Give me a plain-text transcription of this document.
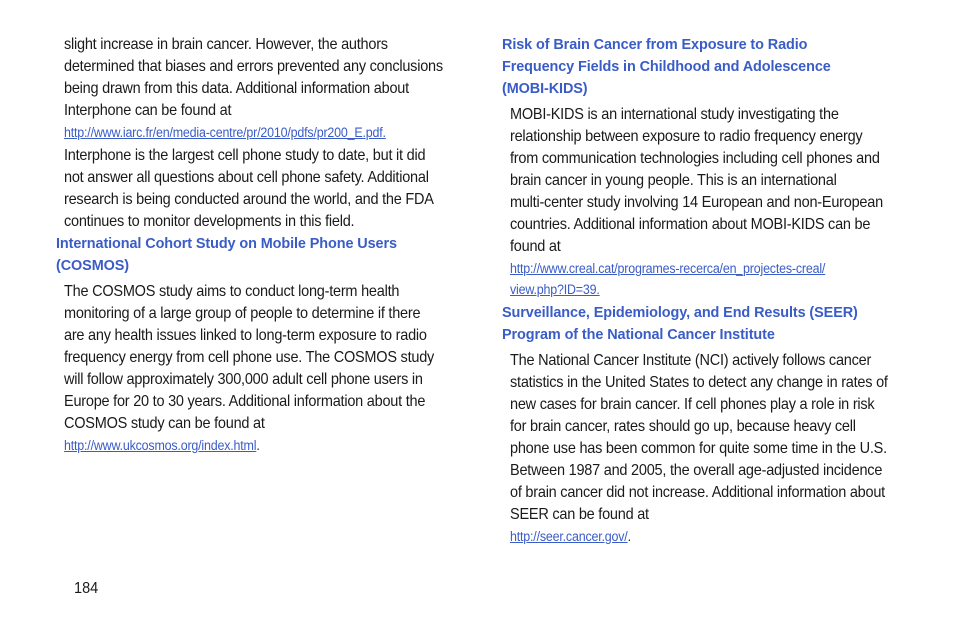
slight increase in brain cancer. However, the authors
determined that biases and errors prevented any conclusions
being drawn from this data. Additional information about
Interphone can be found at
http://www.iarc.fr/en/media-centre/pr/2010/pdfs/pr200_E.pdf.
Interphone is the largest cell phone study to date, but it did
not answer all questions about cell phone safety. Additional
research is being conducted around the world, and the FDA
continues to monitor developments in this field.
International Cohort Study on Mobile Phone Users
(COSMOS)
The COSMOS study aims to conduct long-term health
monitoring of a large group of people to determine if there
are any health issues linked to long-term exposure to radio
frequency energy from cell phone use. The COSMOS study
will follow approximately 300,000 adult cell phone users in
Europe for 20 to 30 years. Additional information about the
COSMOS study can be found at
http://www.ukcosmos.org/index.html.
Risk of Brain Cancer from Exposure to Radio
Frequency Fields in Childhood and Adolescence
(MOBI-KIDS)
MOBI-KIDS is an international study investigating the
relationship between exposure to radio frequency energy
from communication technologies including cell phones and
brain cancer in young people. This is an international
multi-center study involving 14 European and non-European
countries. Additional information about MOBI-KIDS can be
found at
http://www.creal.cat/programes-recerca/en_projectes-creal/
view.php?ID=39.
Surveillance, Epidemiology, and End Results (SEER)
Program of the National Cancer Institute
The National Cancer Institute (NCI) actively follows cancer
statistics in the United States to detect any change in rates of
new cases for brain cancer. If cell phones play a role in risk
for brain cancer, rates should go up, because heavy cell
phone use has been common for quite some time in the U.S.
Between 1987 and 2005, the overall age-adjusted incidence
of brain cancer did not increase. Additional information about
SEER can be found at
http://seer.cancer.gov/.
184
